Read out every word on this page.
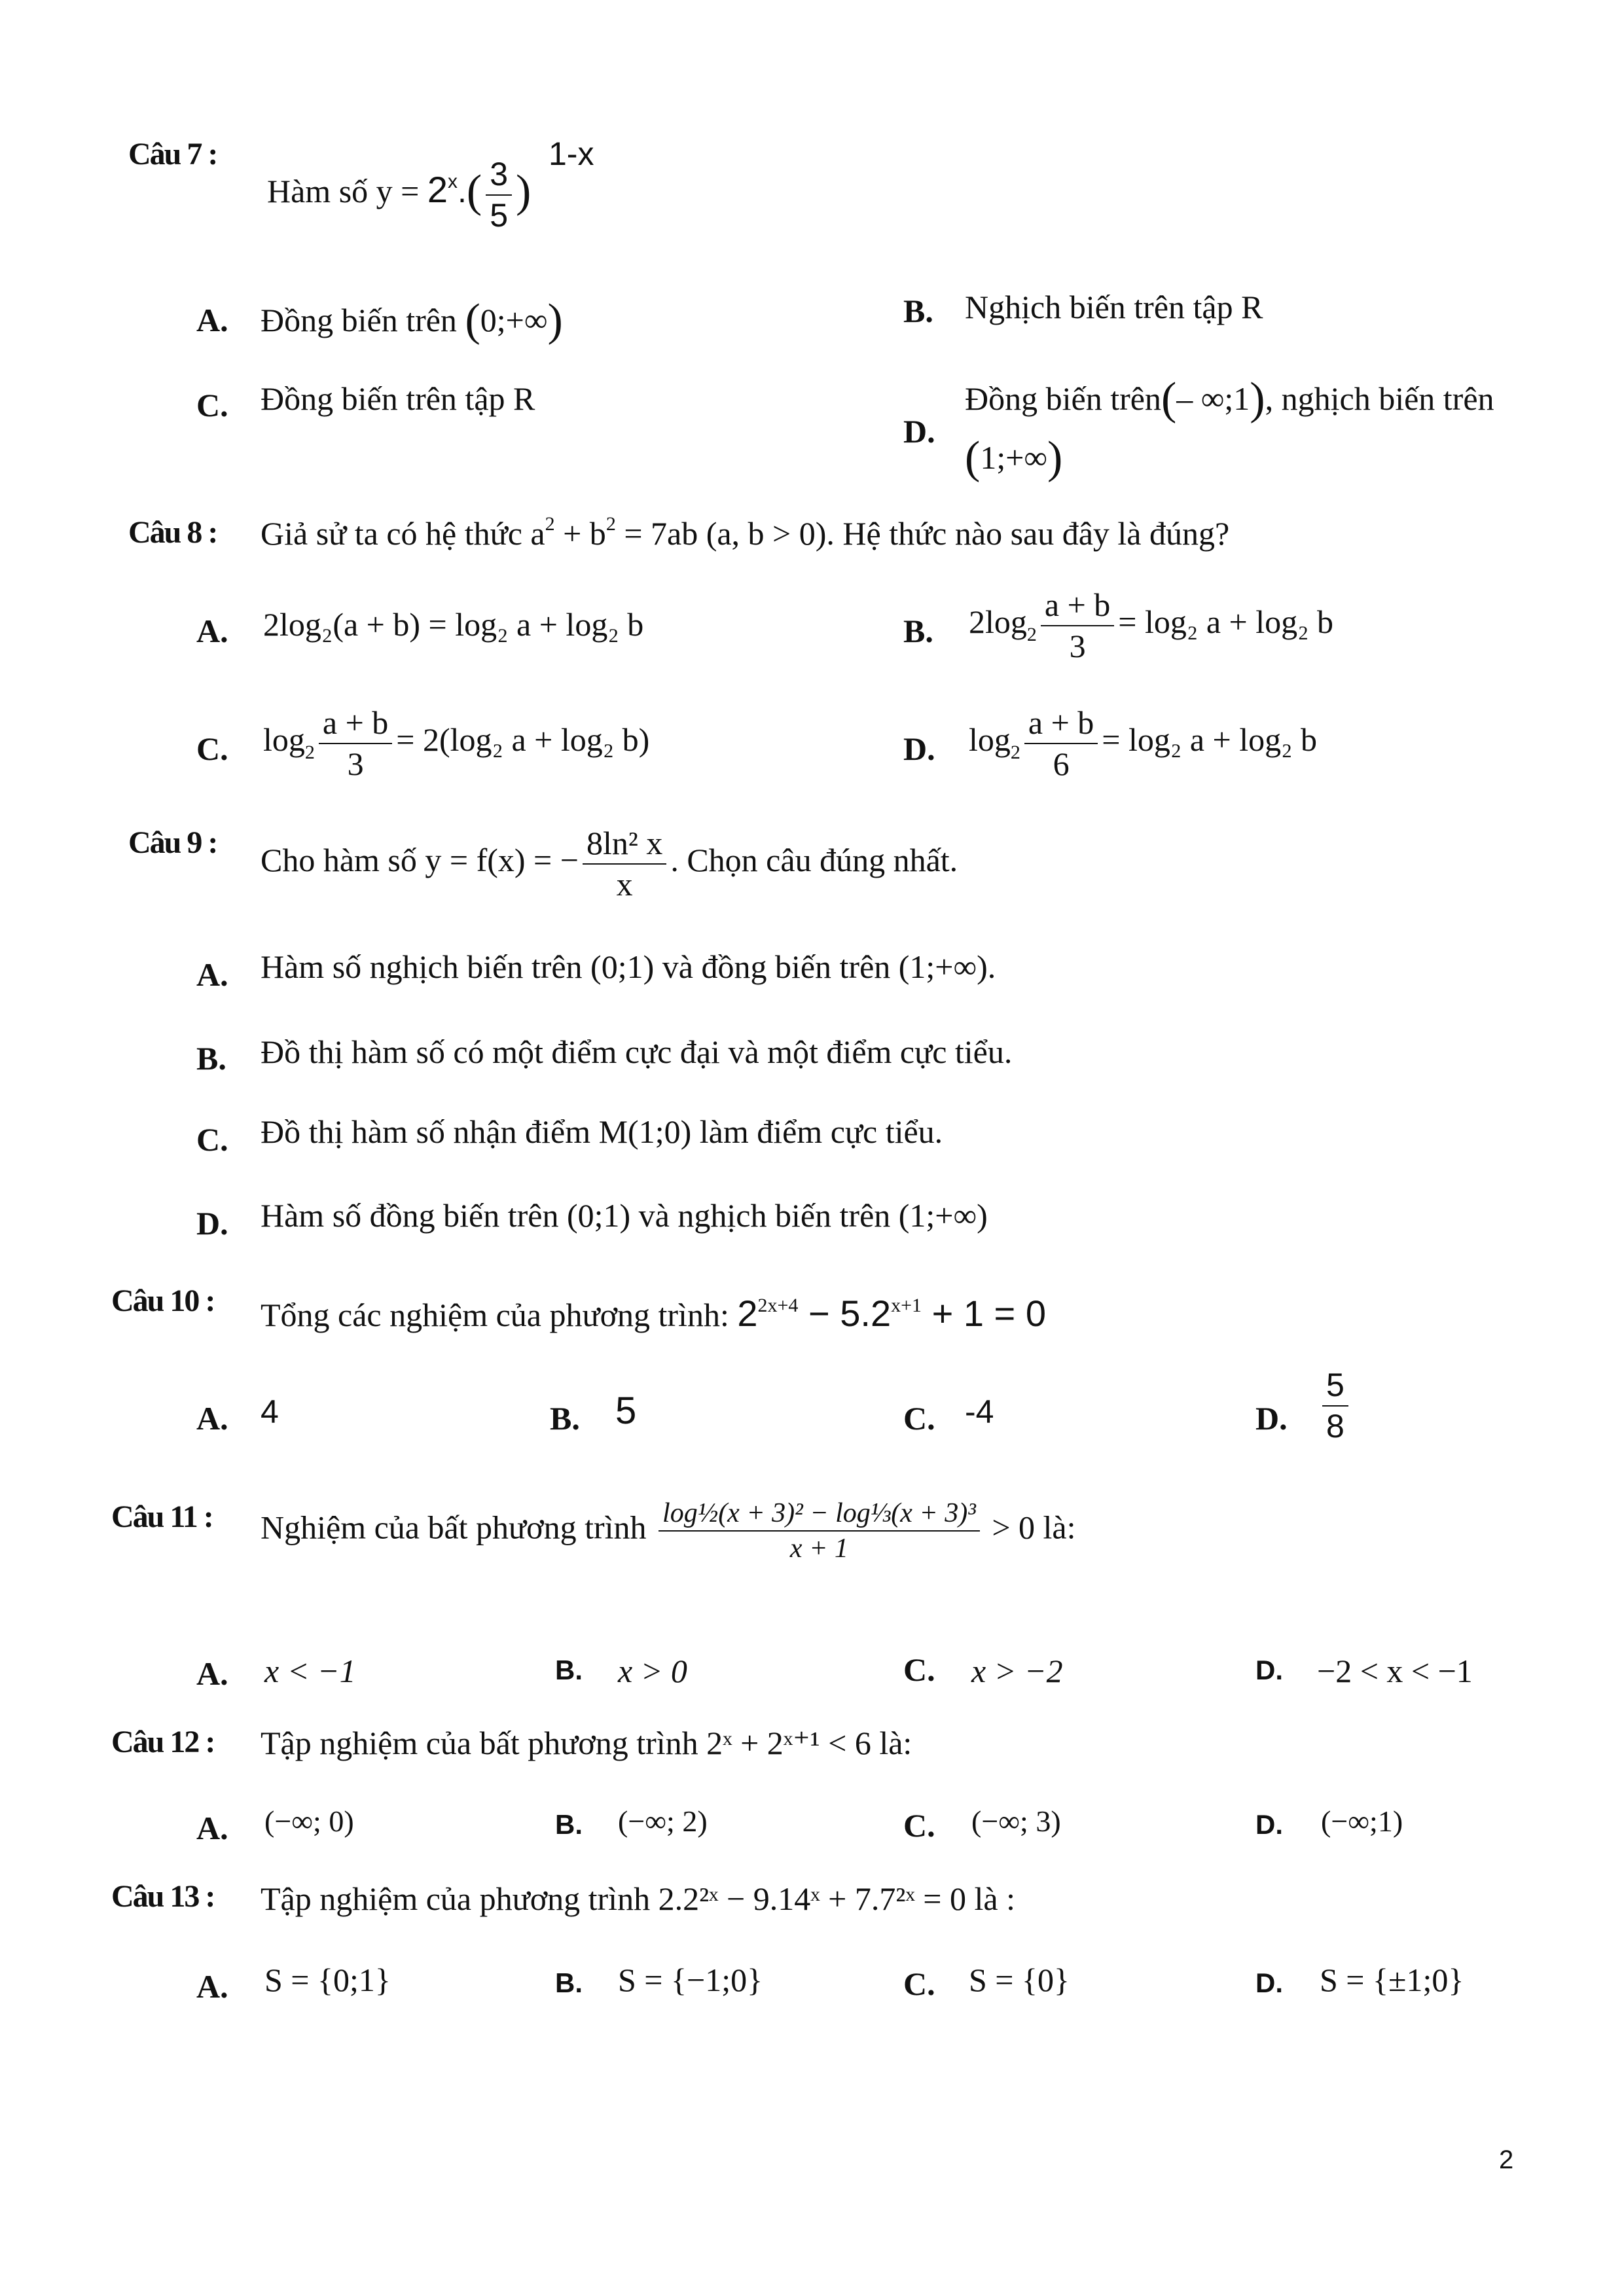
Câu 7 :
Hàm số $y = 2^x.( \frac{3}{5}$ )
1-x
A. Đồng biến trên (0;+∞)	B. Nghịch biến trên tập R
C. Đồng biến trên tập R
D.
Đồng biến trên(– ∞;1), nghịch biến trên
(1;+∞)
Câu 8 : Giả sử ta có hệ thức $a^2 + b^2 = 7ab$ (a, b > 0). Hệ thức nào sau đây là đúng?
A. 2log₂(a + b) = log₂ a + log₂ b	B. $2\log_2 \frac{a + b}{3} = \log_2$ a + log₂ b
C. $\log_2 \frac{a + b}{3} = 2(\log_2$ a + log₂ b)	D. $\log_2 \frac{a + b}{6} = \log_2$ a + log₂ b
Câu 9 : Cho hàm số y = f(x) = − $\frac{\text{8ln² x}}{x}$ . Chọn câu đúng nhất.
A. Hàm số nghịch biến trên (0;1) và đồng biến trên (1;+∞).
B. Đồ thị hàm số có một điểm cực đại và một điểm cực tiểu.
C. Đồ thị hàm số nhận điểm M(1;0) làm điểm cực tiểu.
D. Hàm số đồng biến trên (0;1) và nghịch biến trên (1;+∞)
Câu 10 : Tổng các nghiệm của phương trình: $2^{2x+4} - 5.2^{x+1} + 1 = 0$
A. 4	B. 5	C. -4	D. $\frac{5}{8}$
Câu 11 : Nghiệm của bất phương trình $\frac{\text{log½(x + 3)² − log⅓(x + 3)³}}{x + 1} > 0$ là:
A. x < −1	B. x > 0	C. x > −2	D. −2 < x < −1
Câu 12 : Tập nghiệm của bất phương trình 2ˣ + 2ˣ⁺¹ < 6 là:
A. (−∞; 0)	B. (−∞; 2)	C. (−∞; 3)	D. (−∞;1)
Câu 13 : Tập nghiệm của phương trình 2.2²ˣ − 9.14ˣ + 7.7²ˣ = 0 là :
A. S = {0;1}	B. S = {−1;0}	C. S = {0}	D. S = {±1;0}
2
